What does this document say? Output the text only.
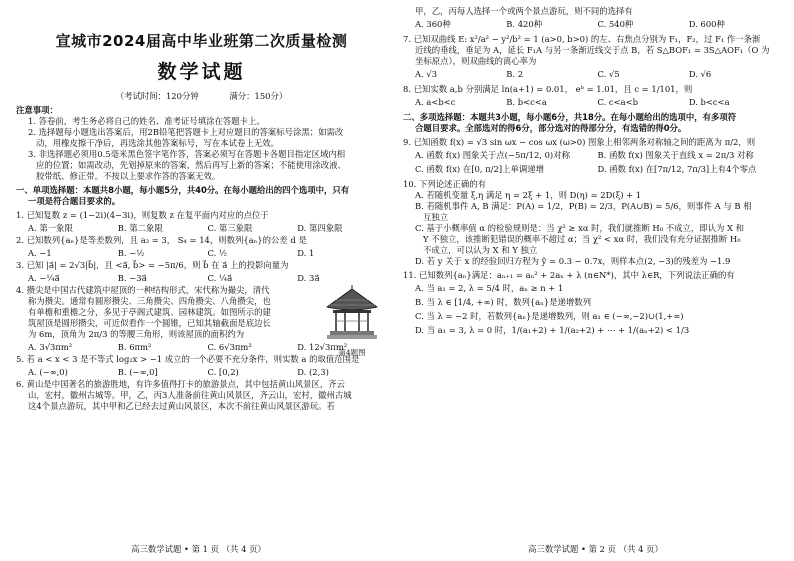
宣城市2024届高中毕业班第二次质量检测
数学试题
（考试时间：120分钟	满分：150分）
注意事项：
1. 答卷前，考生务必将自己的姓名、准考证号填涂在答题卡上。
2. 选择题每小题选出答案后，用2B铅笔把答题卡上对应题目的答案标号涂黑；如需改
动，用橡皮擦干净后，再选涂其他答案标号，写在本试卷上无效。
3. 非选择题必须用0.5毫米黑色签字笔作答，答案必须写在答题卡各题目指定区域内相
应的位置；如需改动，先划掉原来的答案，然后再写上新的答案；不能使用涂改液、
胶带纸、修正带。不按以上要求作答的答案无效。
一、单项选择题：本题共8小题，每小题5分，共40分。在每小题给出的四个选项中，只有
一项是符合题目要求的。
1. 已知复数 z = (1−2i)(4−3i)，则复数 z 在复平面内对应的点位于
A. 第一象限	B. 第二象限	C. 第三象限	D. 第四象限
2. 已知数列{aₙ}是等差数列，且 a₂ = 3， S₄ = 14，则数列{aₙ}的公差 d 是
A. −1	B. −½	C. ½	D. 1
3. 已知 |a⃗| = 2√3|b⃗|，且 <a⃗, b⃗> = −5π/6，则 b⃗ 在 a⃗ 上的投影向量为
A. −¼a⃗	B. −3a⃗	C. ¼a⃗	D. 3a⃗
4. 攒尖是中国古代建筑中屋顶的一种结构形式，宋代称为撮尖，清代
称为攒尖。通常有圆形攒尖、三角攒尖、四角攒尖、八角攒尖，也
有单檐和重檐之分，多见于亭阁式建筑、园林建筑。如图所示的建
筑屋顶是圆形攒尖，可近似看作一个圆锥，已知其轴截面是底边长
为 6m，顶角为 2π/3 的等腰三角形，则该屋顶的面积约为
第4题图
A. 3√3πm²	B. 6πm²	C. 6√3πm²	D. 12√3πm²
5. 若 a < x < 3 是不等式 log₂x > −1 成立的一个必要不充分条件，则实数 a 的取值范围是
A. (−∞,0)	B. (−∞,0]	C. [0,2)	D. (2,3)
6. 黄山是中国著名的旅游胜地，有许多值得打卡的旅游景点，其中包括黄山风景区，齐云
山，宏村，徽州古城等。甲，乙，丙3人准备前往黄山风景区，齐云山，宏村，徽州古城
这4个景点游玩，其中甲和乙已经去过黄山风景区，本次不前往黄山风景区游玩。若
高三数学试题 • 第 1 页 （共 4 页）
甲，乙，丙每人选择一个或两个景点游玩，则不同的选择有
A. 360种	B. 420种	C. 540种	D. 600种
7. 已知双曲线 E: x²/a² − y²/b² = 1 (a>0, b>0) 的左、右焦点分别为 F₁，F₂，过 F₁ 作一条渐
近线的垂线，垂足为 A，延长 F₁A 与另一条渐近线交于点 B，若 S△BOF₁ = 3S△AOF₁（O 为
坐标原点），则双曲线的离心率为
A. √3	B. 2	C. √5	D. √6
8. 已知实数 a,b 分别满足 ln(a+1) = 0.01， eᵇ = 1.01，且 c = 1/101，则
A. a<b<c	B. b<c<a	C. c<a<b	D. b<c<a
二、多项选择题：本题共3小题，每小题6分，共18分。在每小题给出的选项中，有多项符
合题目要求。全部选对的得6分，部分选对的得部分分，有选错的得0分。
9. 已知函数 f(x) = √3 sin ωx − cos ωx (ω>0) 图象上相邻两条对称轴之间的距离为 π/2，则
A. 函数 f(x) 图象关于点(−5π/12, 0)对称	B. 函数 f(x) 图象关于直线 x = 2π/3 对称
C. 函数 f(x) 在[0, π/2]上单调递增	D. 函数 f(x) 在[7π/12, 7π/3]上有4个零点
10. 下列论述正确的有
A. 若随机变量 ξ,η 满足 η = 2ξ + 1，则 D(η) = 2D(ξ) + 1
B. 若随机事件 A, B 满足：P(A) = 1/2，P(B) = 2/3，P(A∪B) = 5/6，则事件 A 与 B 相
互独立
C. 基于小概率值 α 的检验规则是：当 χ² ≥ xα 时，我们就推断 H₀ 不成立，即认为 X 和
Y 不独立，该推断犯错误的概率不超过 α；当 χ² < xα 时，我们没有充分证据推断 H₀
不成立，可以认为 X 和 Y 独立
D. 若 y 关于 x 的经验回归方程为 ŷ = 0.3 − 0.7x，则样本点(2, −3)的残差为 −1.9
11. 已知数列{aₙ}满足：aₙ₊₁ = aₙ² + 2aₙ + λ (n∈N*)，其中 λ∈R，下列说法正确的有
A. 当 a₁ = 2, λ = 5/4 时，aₙ ≥ n + 1
B. 当 λ ∈ [1/4, +∞) 时，数列{aₙ}是递增数列
C. 当 λ = −2 时，若数列{aₙ}是递增数列，则 a₁ ∈ (−∞,−2)∪(1,+∞)
D. 当 a₁ = 3, λ = 0 时，1/(a₁+2) + 1/(a₂+2) + ⋯ + 1/(aₙ+2) < 1/3
高三数学试题 • 第 2 页 （共 4 页）
